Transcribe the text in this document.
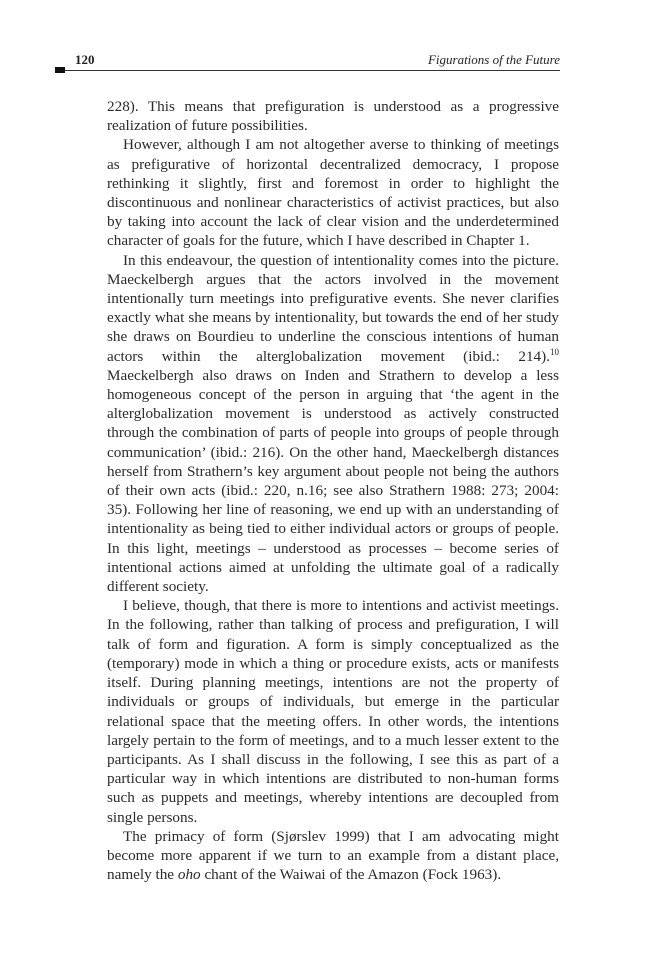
120	Figurations of the Future

228). This means that prefiguration is understood as a progressive realization of future possibilities.

However, although I am not altogether averse to thinking of meetings as prefigurative of horizontal decentralized democracy, I propose rethinking it slightly, first and foremost in order to highlight the discontinuous and nonlinear characteristics of activist practices, but also by taking into account the lack of clear vision and the underdetermined character of goals for the future, which I have described in Chapter 1.

In this endeavour, the question of intentionality comes into the picture. Maeckelbergh argues that the actors involved in the movement intentionally turn meetings into prefigurative events. She never clarifies exactly what she means by intentionality, but towards the end of her study she draws on Bourdieu to underline the conscious intentions of human actors within the alterglobalization movement (ibid.: 214).$^{10}$ Maeckelbergh also draws on Inden and Strathern to develop a less homogeneous concept of the person in arguing that ‘the agent in the alterglobalization movement is understood as actively constructed through the combination of parts of people into groups of people through communication’ (ibid.: 216). On the other hand, Maeckelbergh distances herself from Strathern’s key argument about people not being the authors of their own acts (ibid.: 220, n.16; see also Strathern 1988: 273; 2004: 35). Following her line of reasoning, we end up with an understanding of intentionality as being tied to either individual actors or groups of people. In this light, meetings – understood as processes – become series of intentional actions aimed at unfolding the ultimate goal of a radically different society.

I believe, though, that there is more to intentions and activist meetings. In the following, rather than talking of process and prefiguration, I will talk of form and figuration. A form is simply conceptualized as the (temporary) mode in which a thing or procedure exists, acts or manifests itself. During planning meetings, intentions are not the property of individuals or groups of individuals, but emerge in the particular relational space that the meeting offers. In other words, the intentions largely pertain to the form of meetings, and to a much lesser extent to the participants. As I shall discuss in the following, I see this as part of a particular way in which intentions are distributed to non-human forms such as puppets and meetings, whereby intentions are decoupled from single persons.

The primacy of form (Sjørslev 1999) that I am advocating might become more apparent if we turn to an example from a distant place, namely the oho chant of the Waiwai of the Amazon (Fock 1963).
